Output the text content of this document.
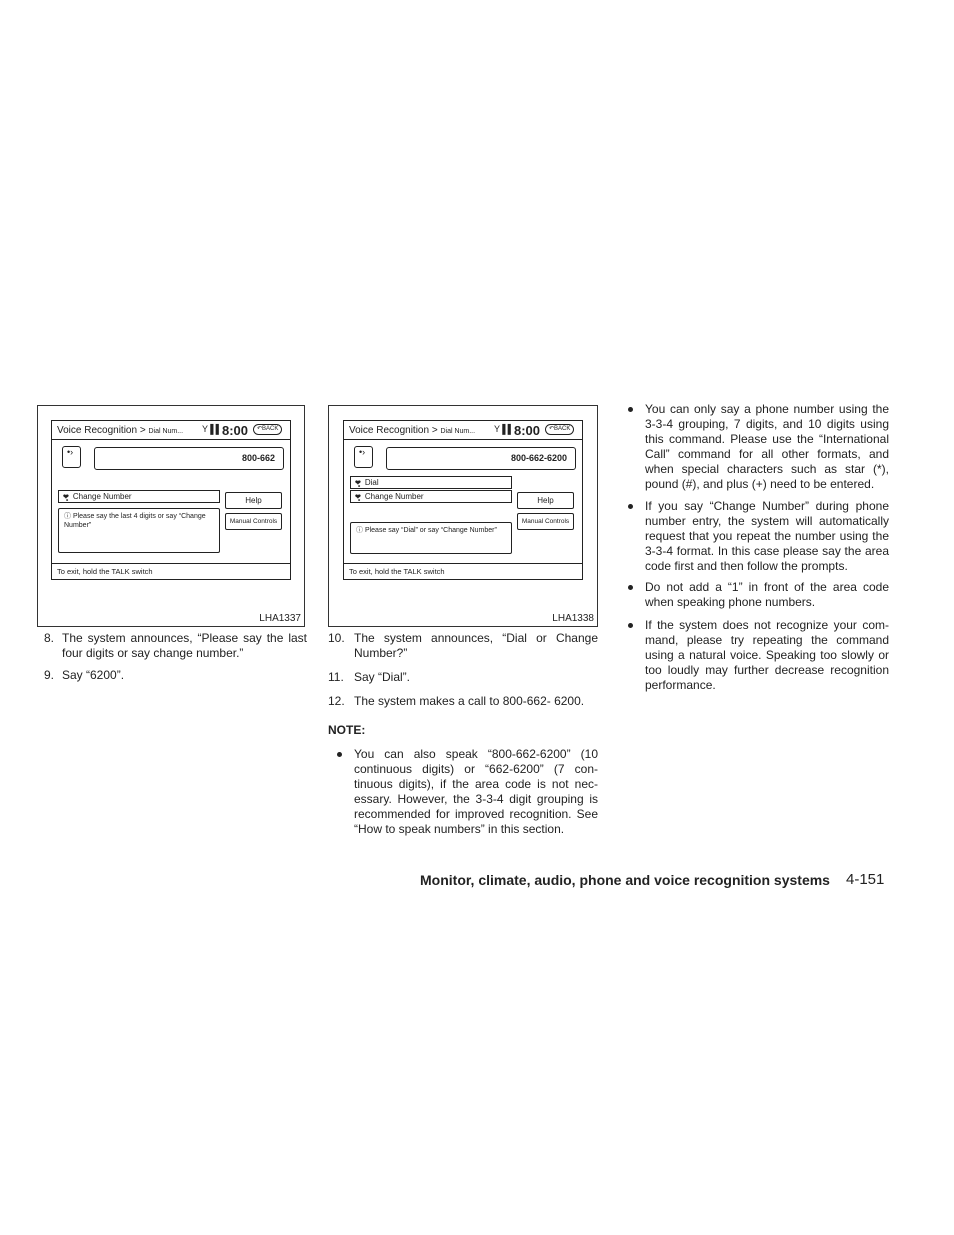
Voice Recognition > Dial Num... Y▐▐ 8:00	↶BACK
•›
800-662
❤͇ Change Number	Help
Manual Controls
ⓘ Please say the last 4 digits or say “Change Number”
To exit, hold the TALK switch
LHA1337
Voice Recognition > Dial Num... Y▐▐ 8:00	↶BACK
•›
800-662-6200
❤͇ Dial
❤͇ Change Number	Help
Manual Controls
ⓘ Please say “Dial” or say “Change Number”
To exit, hold the TALK switch
LHA1338
8. The system announces, “Please say the last four digits or say change number.”
9. Say “6200”.
10. The system announces, “Dial or Change Number?”
11. Say “Dial”.
12. The system makes a call to 800-662- 6200.
NOTE:
You can also speak “800-662-6200” (10 continuous digits) or “662-6200” (7 con- tinuous digits), if the area code is not nec- essary. However, the 3-3-4 digit grouping is recommended for improved recognition. See “How to speak numbers” in this section.
You can only say a phone number using the 3-3-4 grouping, 7 digits, and 10 digits using this command. Please use the “International Call” command for all other formats, and when special characters such as star (*), pound (#), and plus (+) need to be entered.
If you say “Change Number” during phone number entry, the system will automatically request that you repeat the number using the 3-3-4 format. In this case please say the area code first and then follow the prompts.
Do not add a “1” in front of the area code when speaking phone numbers.
If the system does not recognize your com- mand, please try repeating the command using a natural voice. Speaking too slowly or too loudly may further decrease recognition performance.
Monitor, climate, audio, phone and voice recognition systems 4-151
